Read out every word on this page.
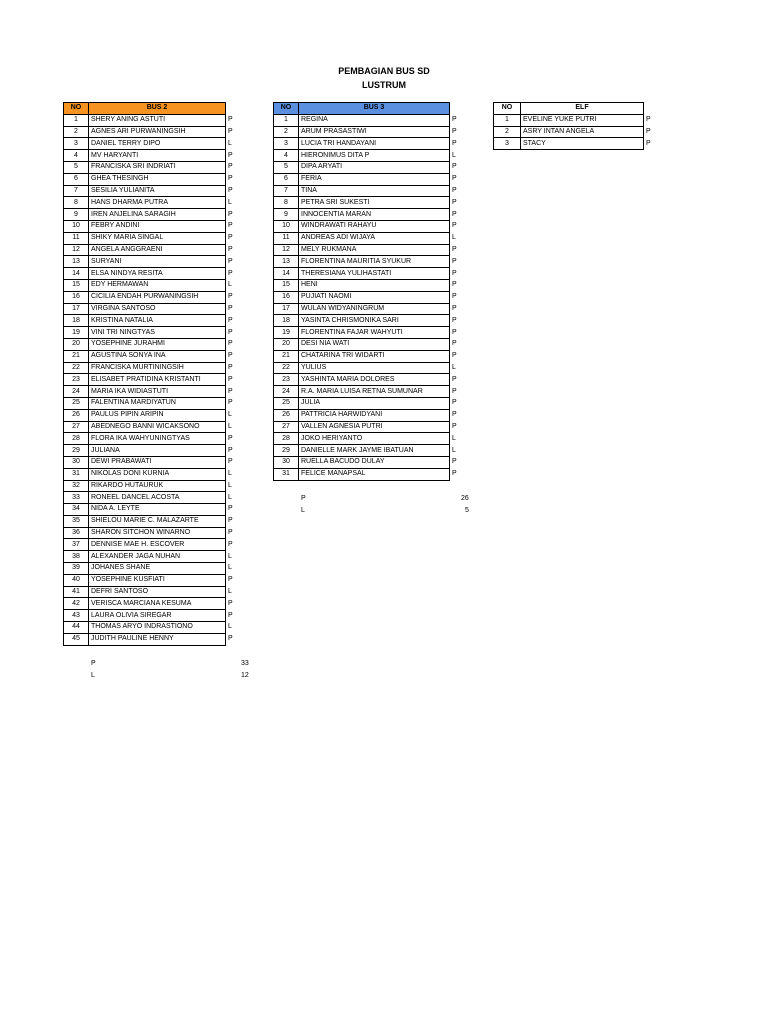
PEMBAGIAN BUS SD
LUSTRUM
NO	BUS 2	
1	SHERY ANING ASTUTI	P
2	AGNES ARI PURWANINGSIH	P
3	DANIEL TERRY DIPO	L
4	MV HARYANTI	P
5	FRANCISKA SRI INDRIATI	P
6	GHEA THESINGH	P
7	SESILIA YULIANITA	P
8	HANS DHARMA PUTRA	L
9	IREN ANJELINA SARAGIH	P
10	FEBRY ANDINI	P
11	SHIKY MARIA SINGAL	P
12	ANGELA ANGGRAENI	P
13	SURYANI	P
14	ELSA NINDYA RESITA	P
15	EDY HERMAWAN	L
16	CICILIA ENDAH PURWANINGSIH	P
17	VIRGINA SANTOSO	P
18	KRISTINA NATALIA	P
19	VINI TRI NINGTYAS	P
20	YOSEPHINE JURAHMI	P
21	AGUSTINA SONYA INA	P
22	FRANCISKA MURTININGSIH	P
23	ELISABET PRATIDINA KRISTANTI	P
24	MARIA IKA WIDIASTUTI	P
25	FALENTINA MARDIYATUN	P
26	PAULUS PIPIN ARIPIN	L
27	ABEDNEGO BANNI WICAKSONO	L
28	FLORA IKA WAHYUNINGTYAS	P
29	JULIANA	P
30	DEWI PRABAWATI	P
31	NIKOLAS DONI KURNIA	L
32	RIKARDO HUTAURUK	L
33	RONEEL DANCEL ACOSTA	L
34	NIDA A. LEYTE	P
35	SHIELOU MARIE C. MALAZARTE	P
36	SHARON SITCHON WINARNO	P
37	DENNISE MAE H. ESCOVER	P
38	ALEXANDER JAGA NUHAN	L
39	JOHANES SHANE	L
40	YOSEPHINE KUSFIATI	P
41	DEFRI SANTOSO	L
42	VERISCA MARCIANA KESUMA	P
43	LAURA OLIVIA SIREGAR	P
44	THOMAS ARYO INDRASTIONO	L
45	JUDITH PAULINE HENNY	P
NO	BUS 3	
1	REGINA	P
2	ARUM PRASASTIWI	P
3	LUCIA TRI HANDAYANI	P
4	HIERONIMUS DITA P	L
5	DIPA ARYATI	P
6	FERIA	P
7	TINA	P
8	PETRA SRI SUKESTI	P
9	INNOCENTIA MARAN	P
10	WINDRAWATI RAHAYU	P
11	ANDREAS ADI WIJAYA	L
12	MELY RUKMANA	P
13	FLORENTINA MAURITIA SYUKUR	P
14	THERESIANA YULIHASTATI	P
15	HENI	P
16	PUJIATI NAOMI	P
17	WULAN WIDYANINGRUM	P
18	YASINTA CHRISMONIKA SARI	P
19	FLORENTINA FAJAR WAHYUTI	P
20	DESI NIA WATI	P
21	CHATARINA TRI WIDARTI	P
22	YULIUS	L
23	YASHINTA MARIA DOLORES	P
24	R.A. MARIA LUISA RETNA SUMUNAR	P
25	JULIA	P
26	PATTRICIA HARWIDYANI	P
27	VALLEN AGNESIA PUTRI	P
28	JOKO HERIYANTO	L
29	DANIELLE MARK JAYME IBATUAN	L
30	RUELLA BACUDO DULAY	P
31	FELICE MANAPSAL	P
NO	ELF	
1	EVELINE YUKE PUTRI	P
2	ASRY INTAN ANGELA	P
3	STACY	P
P	33
L	12
P	26
L	5
